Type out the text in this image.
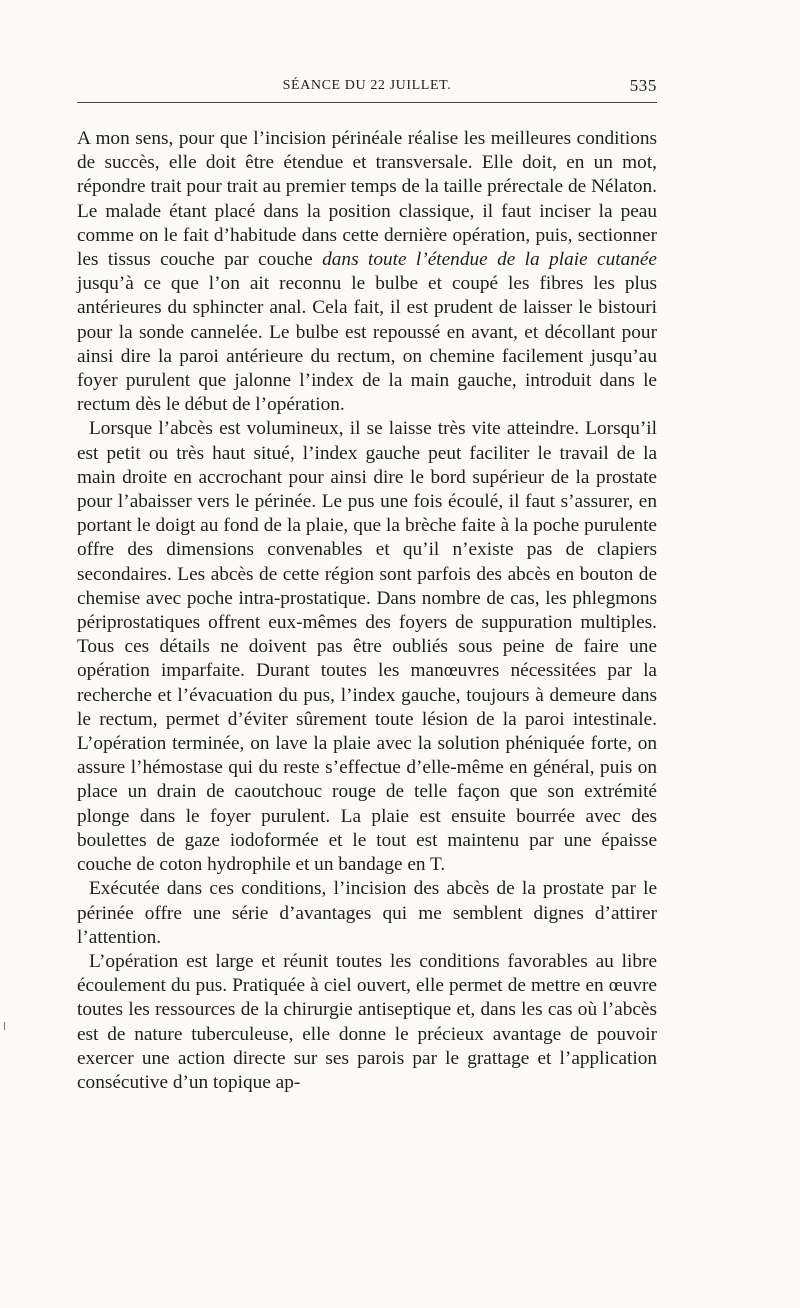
SÉANCE DU 22 JUILLET.	535

A mon sens, pour que l’incision périnéale réalise les meilleures conditions de succès, elle doit être étendue et transversale. Elle doit, en un mot, répondre trait pour trait au premier temps de la taille prérectale de Nélaton. Le malade étant placé dans la position classique, il faut inciser la peau comme on le fait d’habitude dans cette dernière opération, puis, sectionner les tissus couche par couche dans toute l’étendue de la plaie cutanée jusqu’à ce que l’on ait reconnu le bulbe et coupé les fibres les plus antérieures du sphincter anal. Cela fait, il est prudent de laisser le bistouri pour la sonde cannelée. Le bulbe est repoussé en avant, et décollant pour ainsi dire la paroi antérieure du rectum, on chemine facilement jusqu’au foyer purulent que jalonne l’index de la main gauche, introduit dans le rectum dès le début de l’opération.

Lorsque l’abcès est volumineux, il se laisse très vite atteindre. Lorsqu’il est petit ou très haut situé, l’index gauche peut faciliter le travail de la main droite en accrochant pour ainsi dire le bord supérieur de la prostate pour l’abaisser vers le périnée. Le pus une fois écoulé, il faut s’assurer, en portant le doigt au fond de la plaie, que la brèche faite à la poche purulente offre des dimensions convenables et qu’il n’existe pas de clapiers secondaires. Les abcès de cette région sont parfois des abcès en bouton de chemise avec poche intra-prostatique. Dans nombre de cas, les phlegmons périprostatiques offrent eux-mêmes des foyers de suppuration multiples. Tous ces détails ne doivent pas être oubliés sous peine de faire une opération imparfaite. Durant toutes les manœuvres nécessitées par la recherche et l’évacuation du pus, l’index gauche, toujours à demeure dans le rectum, permet d’éviter sûrement toute lésion de la paroi intestinale. L’opération terminée, on lave la plaie avec la solution phéniquée forte, on assure l’hémostase qui du reste s’effectue d’elle-même en général, puis on place un drain de caoutchouc rouge de telle façon que son extrémité plonge dans le foyer purulent. La plaie est ensuite bourrée avec des boulettes de gaze iodoformée et le tout est maintenu par une épaisse couche de coton hydrophile et un bandage en T.

Exécutée dans ces conditions, l’incision des abcès de la prostate par le périnée offre une série d’avantages qui me semblent dignes d’attirer l’attention.

L’opération est large et réunit toutes les conditions favorables au libre écoulement du pus. Pratiquée à ciel ouvert, elle permet de mettre en œuvre toutes les ressources de la chirurgie antiseptique et, dans les cas où l’abcès est de nature tuberculeuse, elle donne le précieux avantage de pouvoir exercer une action directe sur ses parois par le grattage et l’application consécutive d’un topique ap-
